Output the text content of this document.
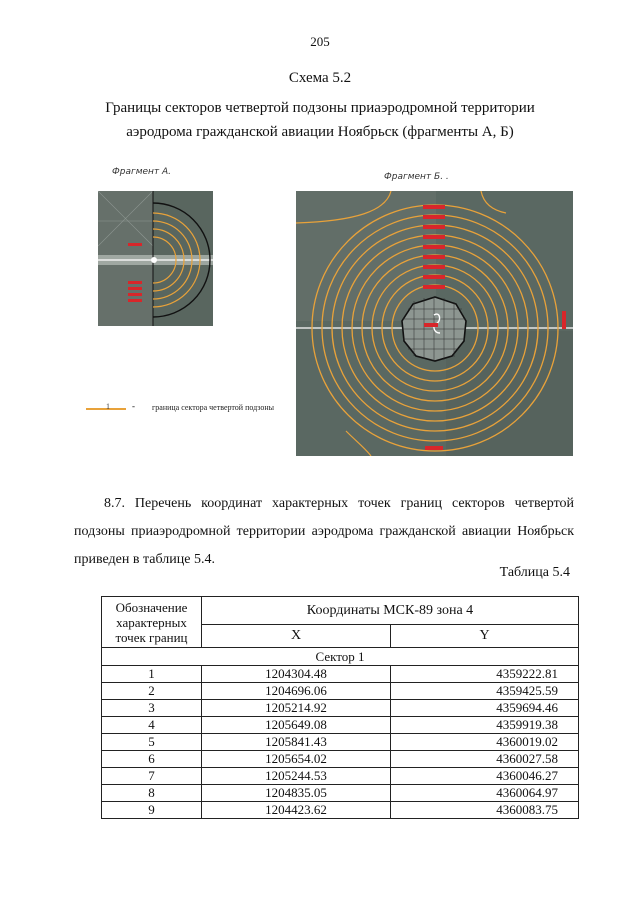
205
Схема 5.2
Границы секторов четвертой подзоны приаэродромной территории аэродрома гражданской авиации Ноябрьск (фрагменты А, Б)
Фрагмент А.	Фрагмент Б. .
1 - граница сектора четвертой подзоны
8.7. Перечень координат характерных точек границ секторов четвертой подзоны приаэродромной территории аэродрома гражданской авиации Ноябрьск приведен в таблице 5.4.
Таблица 5.4
Обозначение характерных точек границ	Координаты МСК-89 зона 4	
	X	Y
Сектор 1		
1	1204304.48	4359222.81
2	1204696.06	4359425.59
3	1205214.92	4359694.46
4	1205649.08	4359919.38
5	1205841.43	4360019.02
6	1205654.02	4360027.58
7	1205244.53	4360046.27
8	1204835.05	4360064.97
9	1204423.62	4360083.75
